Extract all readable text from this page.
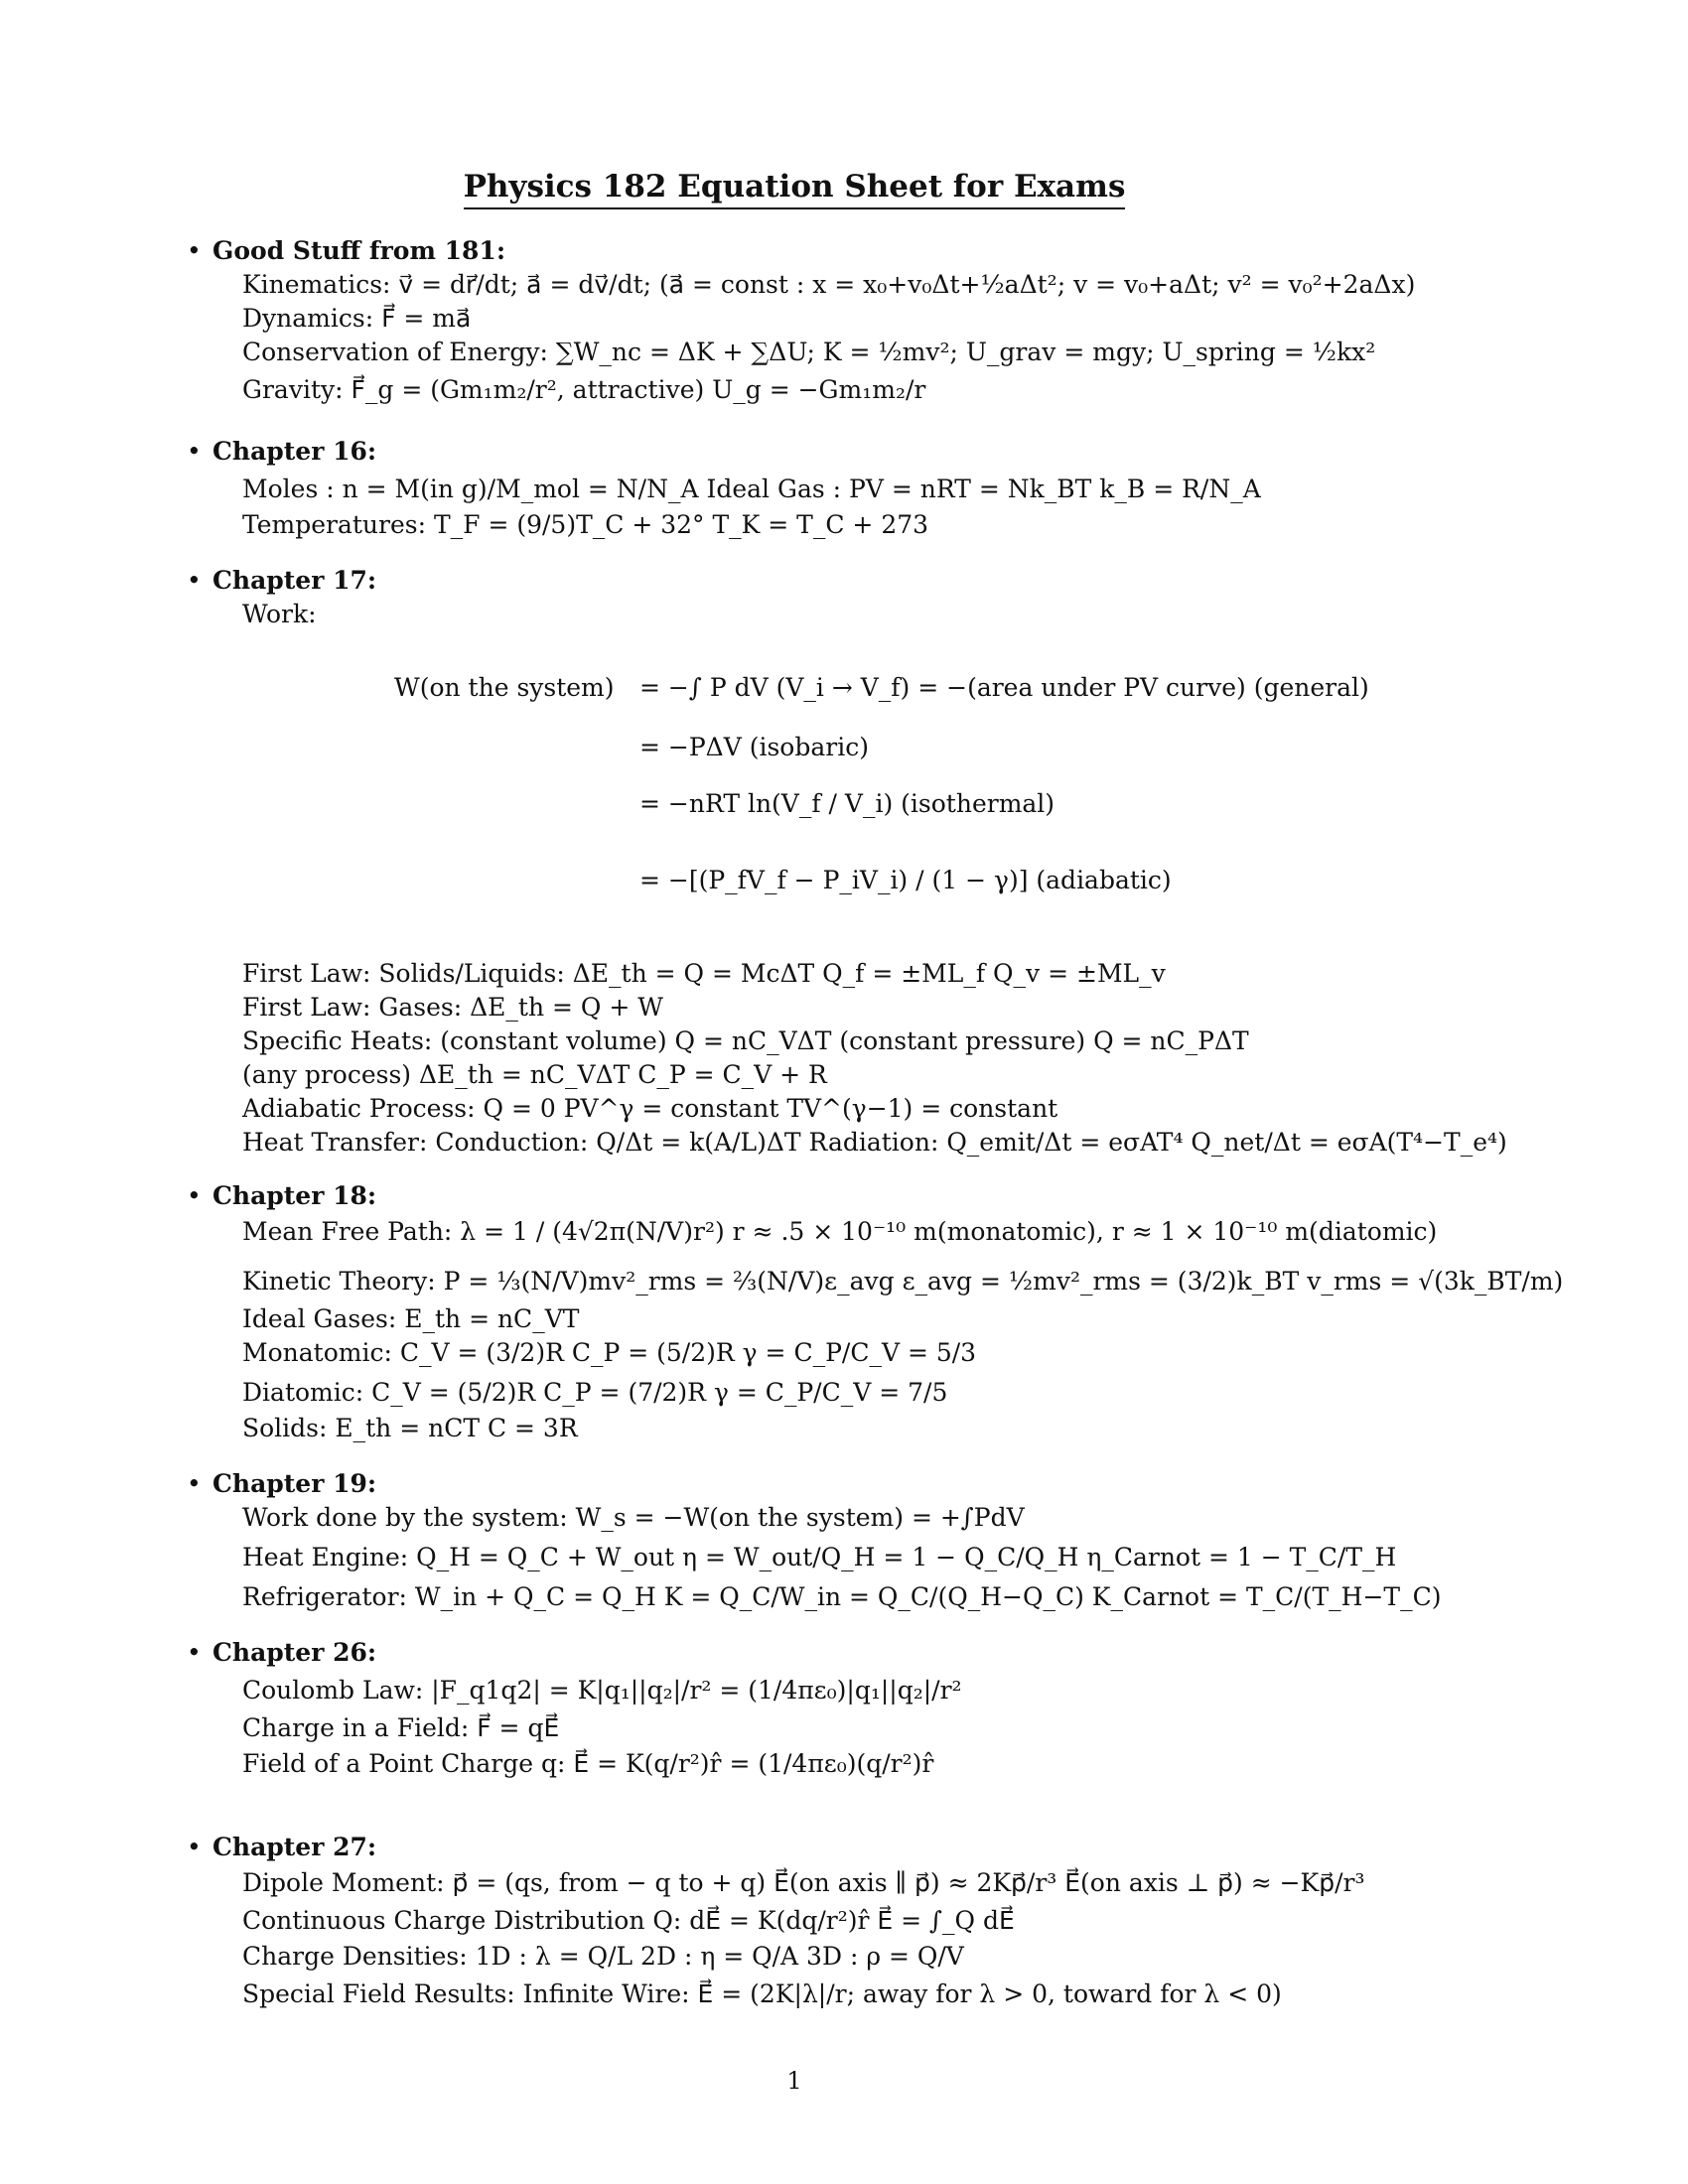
Physics 182 Equation Sheet for Exams
• Good Stuff from 181:
Kinematics: v⃗ = dr⃗/dt; a⃗ = dv⃗/dt; (a⃗ = const : x = x₀+v₀Δt+½aΔt²; v = v₀+aΔt; v² = v₀²+2aΔx)
Dynamics: F⃗ = ma⃗
Conservation of Energy: ∑W_nc = ΔK + ∑ΔU; K = ½mv²; U_grav = mgy; U_spring = ½kx²
Gravity: F⃗_g = (Gm₁m₂/r², attractive) U_g = −Gm₁m₂/r
• Chapter 16:
Moles : n = M(in g)/M_mol = N/N_A Ideal Gas : PV = nRT = Nk_BT k_B = R/N_A
Temperatures: T_F = (9/5)T_C + 32° T_K = T_C + 273
• Chapter 17:
Work:
W(on the system) = −∫ P dV (V_i → V_f) = −(area under PV curve) (general)
= −PΔV (isobaric)
= −nRT ln(V_f / V_i) (isothermal)
= −[(P_fV_f − P_iV_i) / (1 − γ)] (adiabatic)
First Law: Solids/Liquids: ΔE_th = Q = McΔT Q_f = ±ML_f Q_v = ±ML_v
First Law: Gases: ΔE_th = Q + W
Specific Heats: (constant volume) Q = nC_VΔT (constant pressure) Q = nC_PΔT
(any process) ΔE_th = nC_VΔT C_P = C_V + R
Adiabatic Process: Q = 0 PV^γ = constant TV^(γ−1) = constant
Heat Transfer: Conduction: Q/Δt = k(A/L)ΔT Radiation: Q_emit/Δt = eσAT⁴ Q_net/Δt = eσA(T⁴−T_e⁴)
• Chapter 18:
Mean Free Path: λ = 1 / (4√2π(N/V)r²) r ≈ .5 × 10⁻¹⁰ m(monatomic), r ≈ 1 × 10⁻¹⁰ m(diatomic)
Kinetic Theory: P = ⅓(N/V)mv²_rms = ⅔(N/V)ε_avg ε_avg = ½mv²_rms = (3/2)k_BT v_rms = √(3k_BT/m)
Ideal Gases: E_th = nC_VT
Monatomic: C_V = (3/2)R C_P = (5/2)R γ = C_P/C_V = 5/3
Diatomic: C_V = (5/2)R C_P = (7/2)R γ = C_P/C_V = 7/5
Solids: E_th = nCT C = 3R
• Chapter 19:
Work done by the system: W_s = −W(on the system) = +∫PdV
Heat Engine: Q_H = Q_C + W_out η = W_out/Q_H = 1 − Q_C/Q_H η_Carnot = 1 − T_C/T_H
Refrigerator: W_in + Q_C = Q_H K = Q_C/W_in = Q_C/(Q_H−Q_C) K_Carnot = T_C/(T_H−T_C)
• Chapter 26:
Coulomb Law: |F_q1q2| = K|q₁||q₂|/r² = (1/4πε₀)|q₁||q₂|/r²
Charge in a Field: F⃗ = qE⃗
Field of a Point Charge q: E⃗ = K(q/r²)r̂ = (1/4πε₀)(q/r²)r̂
• Chapter 27:
Dipole Moment: p⃗ = (qs, from − q to + q) E⃗(on axis ∥ p⃗) ≈ 2Kp⃗/r³ E⃗(on axis ⊥ p⃗) ≈ −Kp⃗/r³
Continuous Charge Distribution Q: dE⃗ = K(dq/r²)r̂ E⃗ = ∫_Q dE⃗
Charge Densities: 1D : λ = Q/L 2D : η = Q/A 3D : ρ = Q/V
Special Field Results: Infinite Wire: E⃗ = (2K|λ|/r; away for λ > 0, toward for λ < 0)
1
